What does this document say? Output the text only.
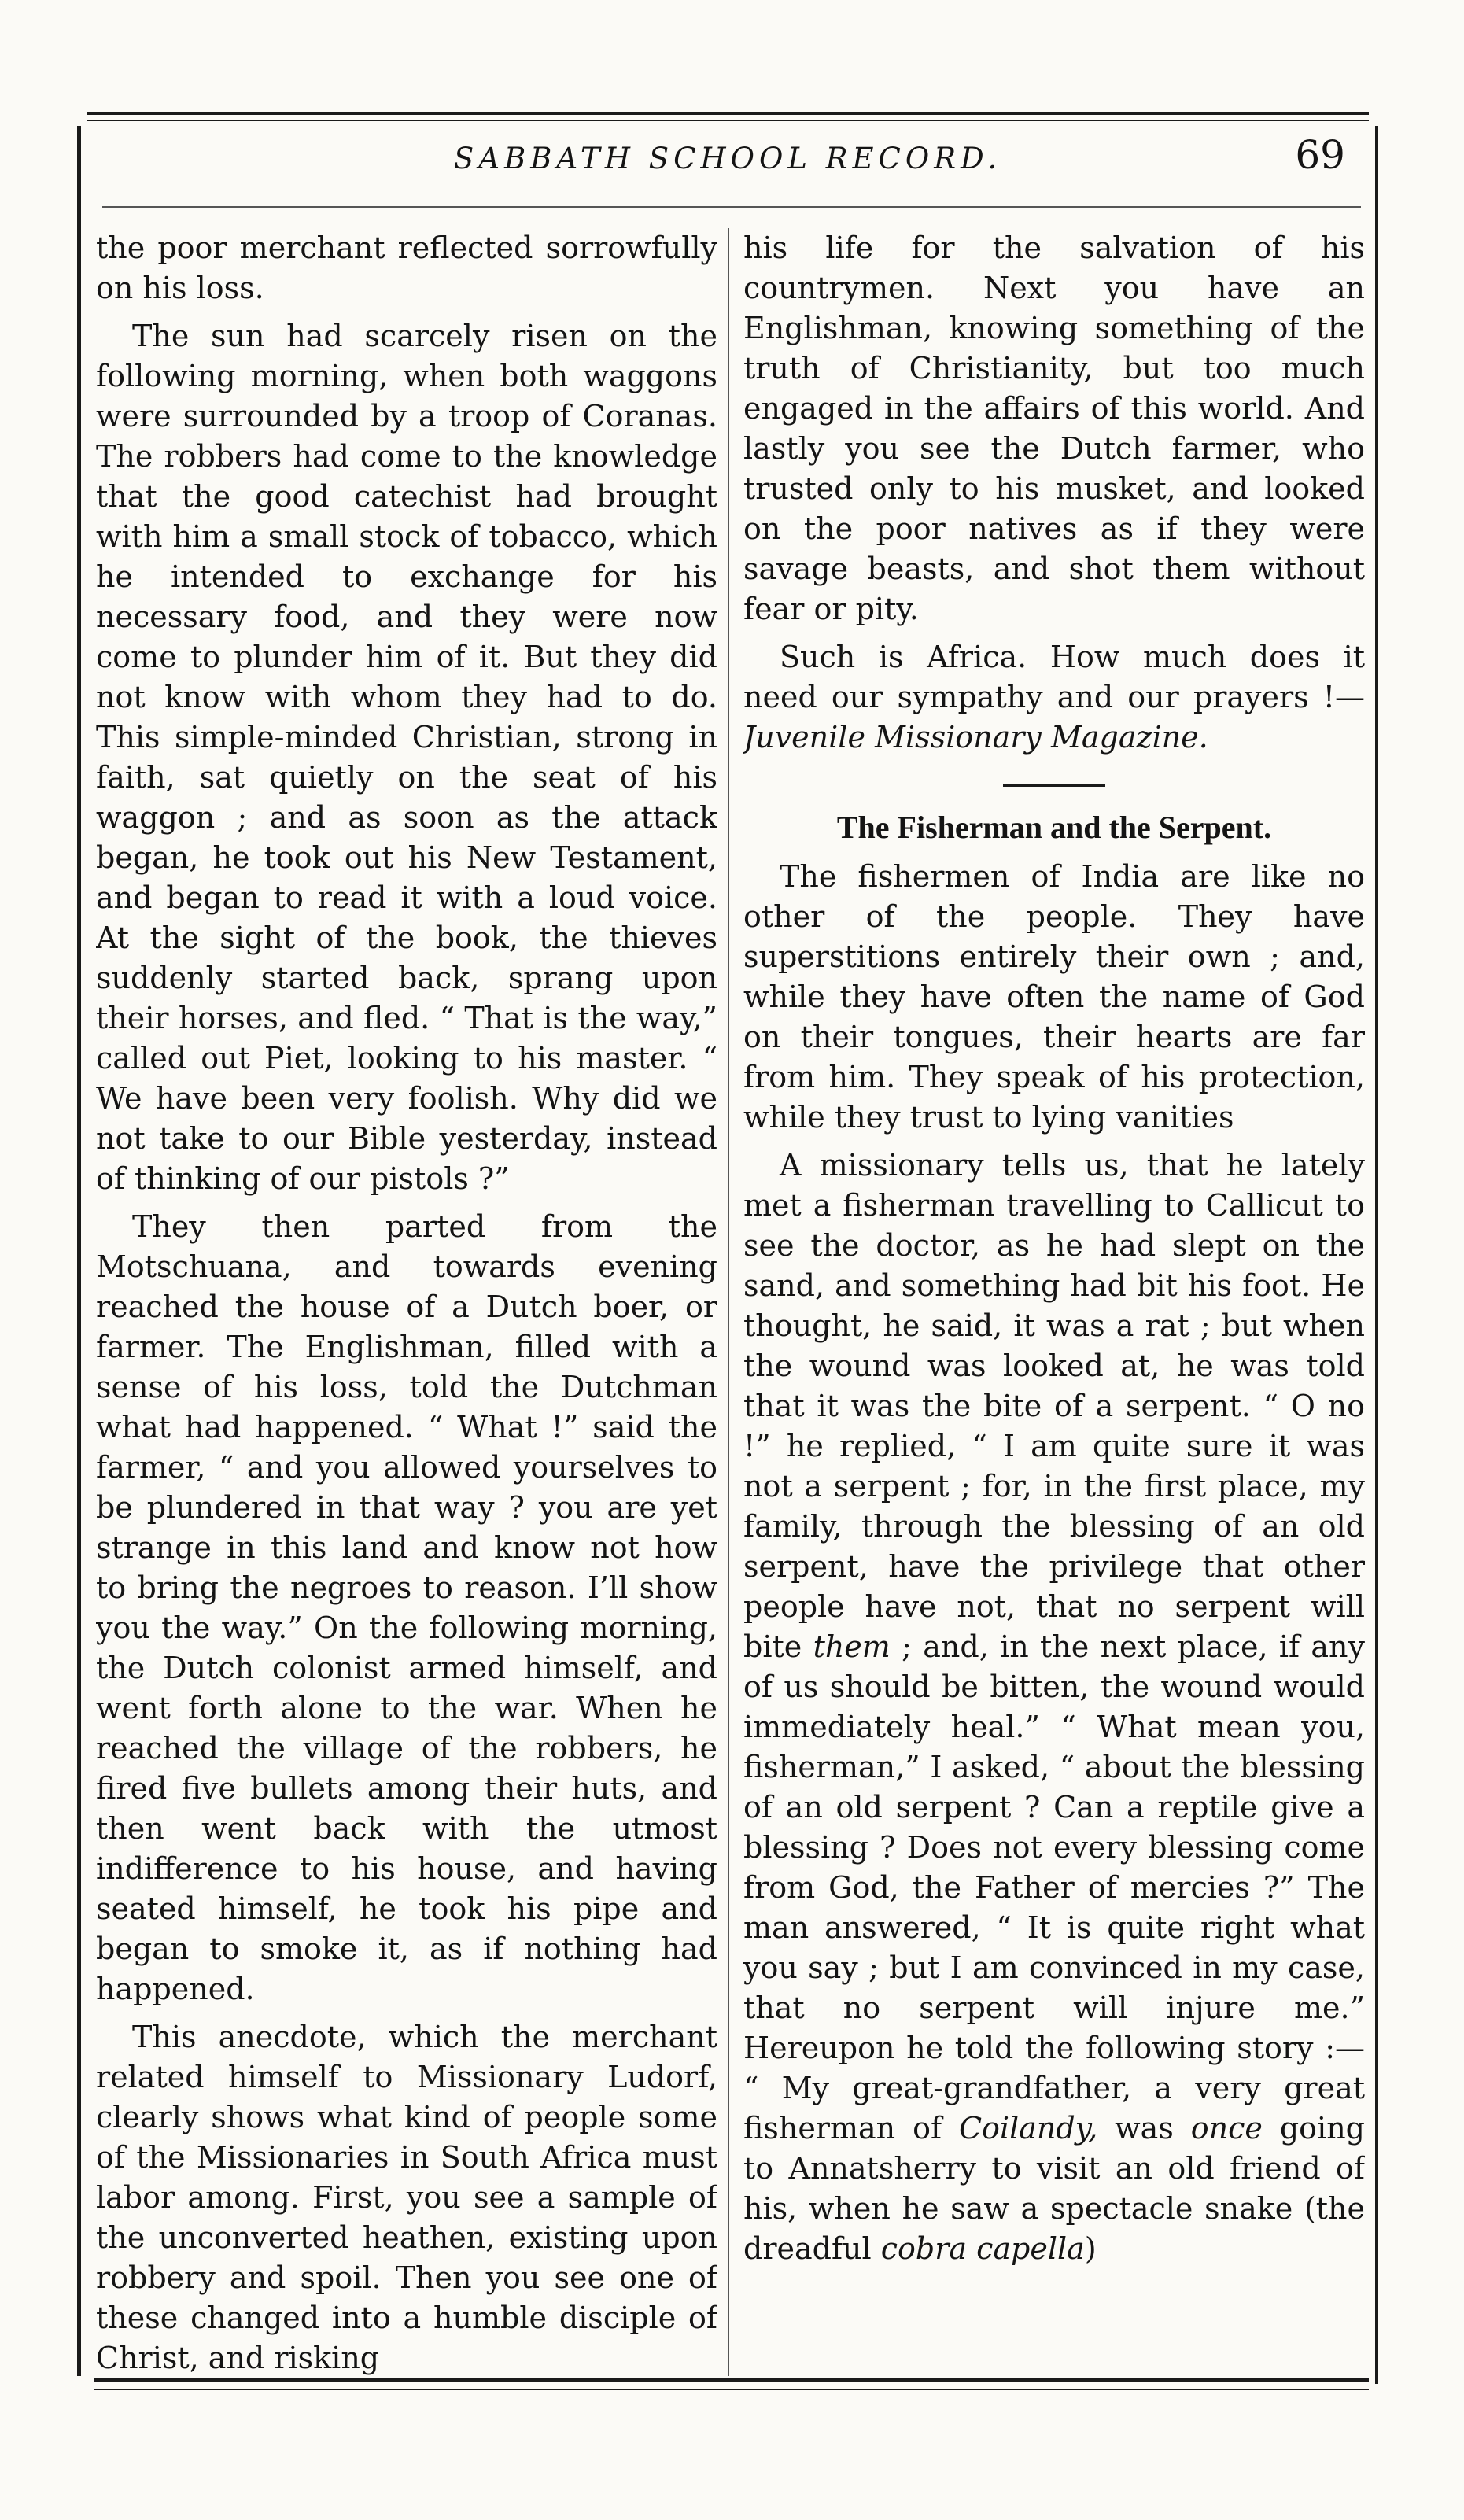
SABBATH SCHOOL RECORD.	69

the poor merchant reflected sorrowfully on his loss.

The sun had scarcely risen on the following morning, when both waggons were surrounded by a troop of Coranas. The robbers had come to the knowledge that the good catechist had brought with him a small stock of tobacco, which he intended to exchange for his necessary food, and they were now come to plunder him of it. But they did not know with whom they had to do. This simple-minded Christian, strong in faith, sat quietly on the seat of his waggon ; and as soon as the attack began, he took out his New Testament, and began to read it with a loud voice. At the sight of the book, the thieves suddenly started back, sprang upon their horses, and fled. “ That is the way,” called out Piet, looking to his master. “ We have been very foolish. Why did we not take to our Bible yesterday, instead of thinking of our pistols ?”

They then parted from the Motschuana, and towards evening reached the house of a Dutch boer, or farmer. The Englishman, filled with a sense of his loss, told the Dutchman what had happened. “ What !” said the farmer, “ and you allowed yourselves to be plundered in that way ? you are yet strange in this land and know not how to bring the negroes to reason. I’ll show you the way.” On the following morning, the Dutch colonist armed himself, and went forth alone to the war. When he reached the village of the robbers, he fired five bullets among their huts, and then went back with the utmost indifference to his house, and having seated himself, he took his pipe and began to smoke it, as if nothing had happened.

This anecdote, which the merchant related himself to Missionary Ludorf, clearly shows what kind of people some of the Missionaries in South Africa must labor among. First, you see a sample of the unconverted heathen, existing upon robbery and spoil. Then you see one of these changed into a humble disciple of Christ, and risking

his life for the salvation of his countrymen. Next you have an Englishman, knowing something of the truth of Christianity, but too much engaged in the affairs of this world. And lastly you see the Dutch farmer, who trusted only to his musket, and looked on the poor natives as if they were savage beasts, and shot them without fear or pity.

Such is Africa. How much does it need our sympathy and our prayers !— Juvenile Missionary Magazine.

The Fisherman and the Serpent.

The fishermen of India are like no other of the people. They have superstitions entirely their own ; and, while they have often the name of God on their tongues, their hearts are far from him. They speak of his protection, while they trust to lying vanities

A missionary tells us, that he lately met a fisherman travelling to Callicut to see the doctor, as he had slept on the sand, and something had bit his foot. He thought, he said, it was a rat ; but when the wound was looked at, he was told that it was the bite of a serpent. “ O no !” he replied, “ I am quite sure it was not a serpent ; for, in the first place, my family, through the blessing of an old serpent, have the privilege that other people have not, that no serpent will bite them ; and, in the next place, if any of us should be bitten, the wound would immediately heal.” “ What mean you, fisherman,” I asked, “ about the blessing of an old serpent ? Can a reptile give a blessing ? Does not every blessing come from God, the Father of mercies ?” The man answered, “ It is quite right what you say ; but I am convinced in my case, that no serpent will injure me.” Hereupon he told the following story :— “ My great-grandfather, a very great fisherman of Coilandy, was once going to Annatsherry to visit an old friend of his, when he saw a spectacle snake (the dreadful cobra capella)
